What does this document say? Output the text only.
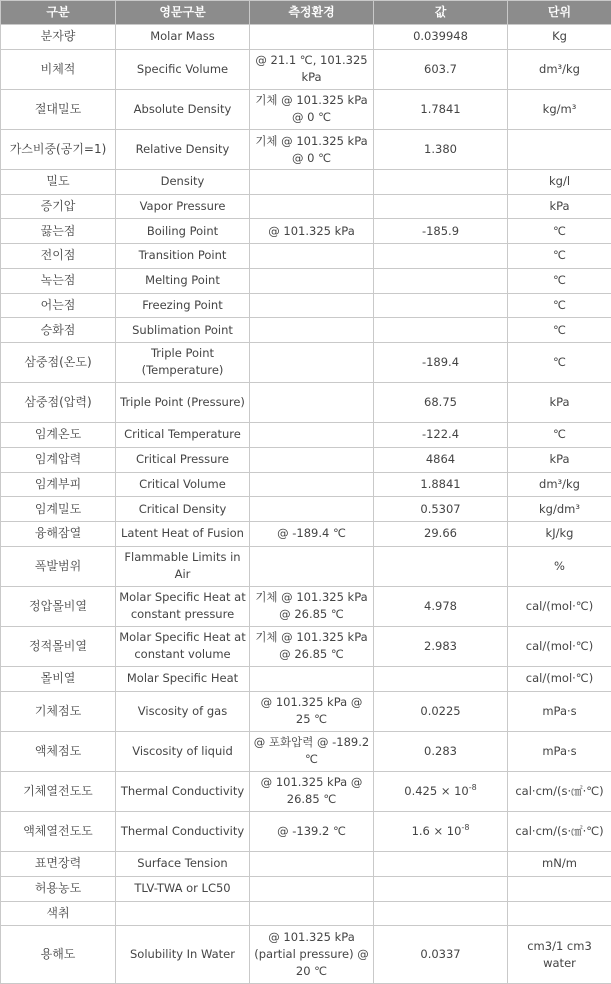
구분	영문구분	측정환경	값	단위
분자량	Molar Mass		0.039948	Kg
비체적	Specific Volume	@ 21.1 ℃, 101.325 kPa	603.7	dm³/kg
절대밀도	Absolute Density	기체 @ 101.325 kPa @ 0 ℃	1.7841	kg/m³
가스비중(공기=1)	Relative Density	기체 @ 101.325 kPa @ 0 ℃	1.380	
밀도	Density			kg/l
증기압	Vapor Pressure			kPa
끓는점	Boiling Point	@ 101.325 kPa	-185.9	℃
전이점	Transition Point			℃
녹는점	Melting Point			℃
어는점	Freezing Point			℃
승화점	Sublimation Point			℃
삼중점(온도)	Triple Point (Temperature)		-189.4	℃
삼중점(압력)	Triple Point (Pressure)		68.75	kPa
임계온도	Critical Temperature		-122.4	℃
임계압력	Critical Pressure		4864	kPa
임계부피	Critical Volume		1.8841	dm³/kg
임계밀도	Critical Density		0.5307	kg/dm³
융해잠열	Latent Heat of Fusion	@ -189.4 ℃	29.66	kJ/kg
폭발범위	Flammable Limits in Air			%
정압몰비열	Molar Specific Heat at constant pressure	기체 @ 101.325 kPa @ 26.85 ℃	4.978	cal/(mol·℃)
정적몰비열	Molar Specific Heat at constant volume	기체 @ 101.325 kPa @ 26.85 ℃	2.983	cal/(mol·℃)
몰비열	Molar Specific Heat			cal/(mol·℃)
기체점도	Viscosity of gas	@ 101.325 kPa @ 25 ℃	0.0225	mPa·s
액체점도	Viscosity of liquid	@ 포화압력 @ -189.2 ℃	0.283	mPa·s
기체열전도도	Thermal Conductivity	@ 101.325 kPa @ 26.85 ℃	$0.425 \times 10^{-8}$	cal·cm/(s·㎠·℃)
액체열전도도	Thermal Conductivity	@ -139.2 ℃	$1.6 \times 10^{-8}$	cal·cm/(s·㎠·℃)
표면장력	Surface Tension			mN/m
허용농도	TLV-TWA or LC50			
색취				
용해도	Solubility In Water	@ 101.325 kPa (partial pressure) @ 20 ℃	0.0337	cm3/1 cm3 water
